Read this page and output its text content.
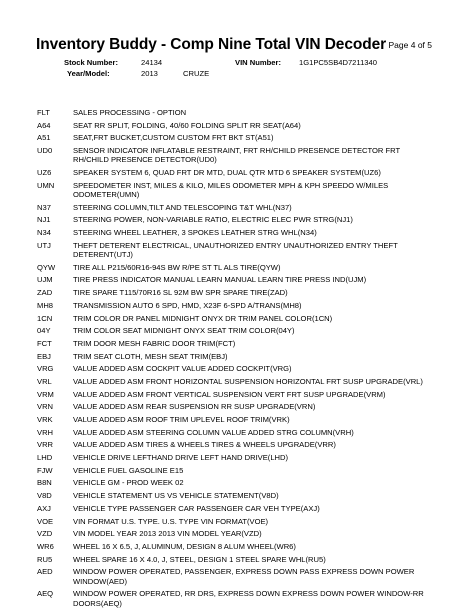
Inventory Buddy - Comp Nine Total VIN Decoder Page 4 of 5
Stock Number:	24134	VIN Number: 1G1PC5SB4D7211340
Year/Model:	2013	CRUZE
FLT	SALES PROCESSING - OPTION
A64	SEAT RR SPLIT, FOLDING, 40/60 FOLDING SPLIT RR SEAT(A64)
A51	SEAT,FRT BUCKET,CUSTOM CUSTOM FRT BKT ST(A51)
UD0	SENSOR INDICATOR INFLATABLE RESTRAINT, FRT RH/CHILD PRESENCE DETECTOR FRT RH/CHILD PRESENCE DETECTOR(UD0)
UZ6	SPEAKER SYSTEM 6, QUAD FRT DR MTD, DUAL QTR MTD 6 SPEAKER SYSTEM(UZ6)
UMN	SPEEDOMETER INST, MILES & KILO, MILES ODOMETER MPH & KPH SPEEDO W/MILES ODOMETER(UMN)
N37	STEERING COLUMN,TILT AND TELESCOPING T&T WHL(N37)
NJ1	STEERING POWER, NON-VARIABLE RATIO, ELECTRIC ELEC PWR STRG(NJ1)
N34	STEERING WHEEL LEATHER, 3 SPOKES LEATHER STRG WHL(N34)
UTJ	THEFT DETERENT ELECTRICAL, UNAUTHORIZED ENTRY UNAUTHORIZED ENTRY THEFT DETERENT(UTJ)
QYW	TIRE ALL P215/60R16-94S BW R/PE ST TL ALS TIRE(QYW)
UJM	TIRE PRESS INDICATOR MANUAL LEARN MANUAL LEARN TIRE PRESS IND(UJM)
ZAD	TIRE SPARE T115/70R16 SL 92M BW SPR SPARE TIRE(ZAD)
MH8	TRANSMISSION AUTO 6 SPD, HMD, X23F 6-SPD A/TRANS(MH8)
1CN	TRIM COLOR DR PANEL MIDNIGHT ONYX DR TRIM PANEL COLOR(1CN)
04Y	TRIM COLOR SEAT MIDNIGHT ONYX SEAT TRIM COLOR(04Y)
FCT	TRIM DOOR MESH FABRIC DOOR TRIM(FCT)
EBJ	TRIM SEAT CLOTH, MESH SEAT TRIM(EBJ)
VRG	VALUE ADDED ASM COCKPIT VALUE ADDED COCKPIT(VRG)
VRL	VALUE ADDED ASM FRONT HORIZONTAL SUSPENSION HORIZONTAL FRT SUSP UPGRADE(VRL)
VRM	VALUE ADDED ASM FRONT VERTICAL SUSPENSION VERT FRT SUSP UPGRADE(VRM)
VRN	VALUE ADDED ASM REAR SUSPENSION RR SUSP UPGRADE(VRN)
VRK	VALUE ADDED ASM ROOF TRIM UPLEVEL ROOF TRIM(VRK)
VRH	VALUE ADDED ASM STEERING COLUMN VALUE ADDED STRG COLUMN(VRH)
VRR	VALUE ADDED ASM TIRES & WHEELS TIRES & WHEELS UPGRADE(VRR)
LHD	VEHICLE DRIVE LEFTHAND DRIVE LEFT HAND DRIVE(LHD)
FJW	VEHICLE FUEL GASOLINE E15
B8N	VEHICLE GM - PROD WEEK 02
V8D	VEHICLE STATEMENT US VS VEHICLE STATEMENT(V8D)
AXJ	VEHICLE TYPE PASSENGER CAR PASSENGER CAR VEH TYPE(AXJ)
VOE	VIN FORMAT U.S. TYPE. U.S. TYPE VIN FORMAT(VOE)
VZD	VIN MODEL YEAR 2013 2013 VIN MODEL YEAR(VZD)
WR6	WHEEL 16 X 6.5, J, ALUMINUM, DESIGN 8 ALUM WHEEL(WR6)
RU5	WHEEL SPARE 16 X 4.0, J, STEEL, DESIGN 1 STEEL SPARE WHL(RU5)
AED	WINDOW POWER OPERATED, PASSENGER, EXPRESS DOWN PASS EXPRESS DOWN POWER WINDOW(AED)
AEQ	WINDOW POWER OPERATED, RR DRS, EXPRESS DOWN EXPRESS DOWN POWER WINDOW-RR DOORS(AEQ)
